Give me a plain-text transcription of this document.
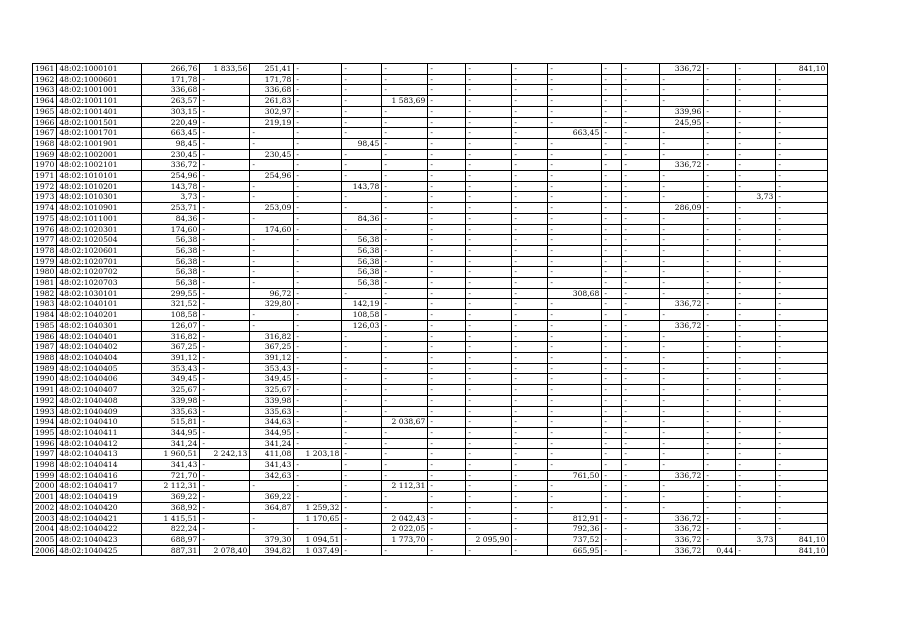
1961	48:02:1000101	266,76	1 833,56	251,41	-	-	-	-	-	-	-	-	-	336,72	-	-	841,10
1962	48:02:1000601	171,78	-	171,78	-	-	-	-	-	-	-	-	-	-	-	-	-
1963	48:02:1001001	336,68	-	336,68	-	-	-	-	-	-	-	-	-	-	-	-	-
1964	48:02:1001101	263,57	-	261,83	-	-	1 583,69	-	-	-	-	-	-	-	-	-	-
1965	48:02:1001401	303,15	-	302,97	-	-	-	-	-	-	-	-	-	339,96	-	-	-
1966	48:02:1001501	220,49	-	219,19	-	-	-	-	-	-	-	-	-	245,95	-	-	-
1967	48:02:1001701	663,45	-	-	-	-	-	-	-	-	663,45	-	-	-	-	-	-
1968	48:02:1001901	98,45	-	-	-	98,45	-	-	-	-	-	-	-	-	-	-	-
1969	48:02:1002001	230,45	-	230,45	-	-	-	-	-	-	-	-	-	-	-	-	-
1970	48:02:1002101	336,72	-	-	-	-	-	-	-	-	-	-	-	336,72	-	-	-
1971	48:02:1010101	254,96	-	254,96	-	-	-	-	-	-	-	-	-	-	-	-	-
1972	48:02:1010201	143,78	-	-	-	143,78	-	-	-	-	-	-	-	-	-	-	-
1973	48:02:1010301	3,73	-	-	-	-	-	-	-	-	-	-	-	-	-	3,73	-
1974	48:02:1010901	253,71	-	253,09	-	-	-	-	-	-	-	-	-	286,09	-	-	-
1975	48:02:1011001	84,36	-	-	-	84,36	-	-	-	-	-	-	-	-	-	-	-
1976	48:02:1020301	174,60	-	174,60	-	-	-	-	-	-	-	-	-	-	-	-	-
1977	48:02:1020504	56,38	-	-	-	56,38	-	-	-	-	-	-	-	-	-	-	-
1978	48:02:1020601	56,38	-	-	-	56,38	-	-	-	-	-	-	-	-	-	-	-
1979	48:02:1020701	56,38	-	-	-	56,38	-	-	-	-	-	-	-	-	-	-	-
1980	48:02:1020702	56,38	-	-	-	56,38	-	-	-	-	-	-	-	-	-	-	-
1981	48:02:1020703	56,38	-	-	-	56,38	-	-	-	-	-	-	-	-	-	-	-
1982	48:02:1030101	299,55	-	96,72	-	-	-	-	-	-	308,68	-	-	-	-	-	-
1983	48:02:1040101	321,52	-	329,80	-	142,19	-	-	-	-	-	-	-	336,72	-	-	-
1984	48:02:1040201	108,58	-	-	-	108,58	-	-	-	-	-	-	-	-	-	-	-
1985	48:02:1040301	126,07	-	-	-	126,03	-	-	-	-	-	-	-	336,72	-	-	-
1986	48:02:1040401	316,82	-	316,82	-	-	-	-	-	-	-	-	-	-	-	-	-
1987	48:02:1040402	367,25	-	367,25	-	-	-	-	-	-	-	-	-	-	-	-	-
1988	48:02:1040404	391,12	-	391,12	-	-	-	-	-	-	-	-	-	-	-	-	-
1989	48:02:1040405	353,43	-	353,43	-	-	-	-	-	-	-	-	-	-	-	-	-
1990	48:02:1040406	349,45	-	349,45	-	-	-	-	-	-	-	-	-	-	-	-	-
1991	48:02:1040407	325,67	-	325,67	-	-	-	-	-	-	-	-	-	-	-	-	-
1992	48:02:1040408	339,98	-	339,98	-	-	-	-	-	-	-	-	-	-	-	-	-
1993	48:02:1040409	335,63	-	335,63	-	-	-	-	-	-	-	-	-	-	-	-	-
1994	48:02:1040410	515,81	-	344,63	-	-	2 038,67	-	-	-	-	-	-	-	-	-	-
1995	48:02:1040411	344,95	-	344,95	-	-	-	-	-	-	-	-	-	-	-	-	-
1996	48:02:1040412	341,24	-	341,24	-	-	-	-	-	-	-	-	-	-	-	-	-
1997	48:02:1040413	1 960,51	2 242,13	411,08	1 203,18	-	-	-	-	-	-	-	-	-	-	-	-
1998	48:02:1040414	341,43	-	341,43	-	-	-	-	-	-	-	-	-	-	-	-	-
1999	48:02:1040416	721,70	-	342,63	-	-	-	-	-	-	761,50	-	-	336,72	-	-	-
2000	48:02:1040417	2 112,31	-	-	-	-	2 112,31	-	-	-	-	-	-	-	-	-	-
2001	48:02:1040419	369,22	-	369,22	-	-	-	-	-	-	-	-	-	-	-	-	-
2002	48:02:1040420	368,92	-	364,87	1 259,32	-	-	-	-	-	-	-	-	-	-	-	-
2003	48:02:1040421	1 415,51	-	-	1 170,65	-	2 042,43	-	-	-	812,91	-	-	336,72	-	-	-
2004	48:02:1040422	822,24	-	-	-	-	2 022,05	-	-	-	792,36	-	-	336,72	-	-	-
2005	48:02:1040423	688,97	-	379,30	1 094,51	-	1 773,70	-	2 095,90	-	737,52	-	-	336,72	-	3,73	841,10
2006	48:02:1040425	887,31	2 078,40	394,82	1 037,49	-	-	-	-	-	665,95	-	-	336,72	0,44	-	841,10
